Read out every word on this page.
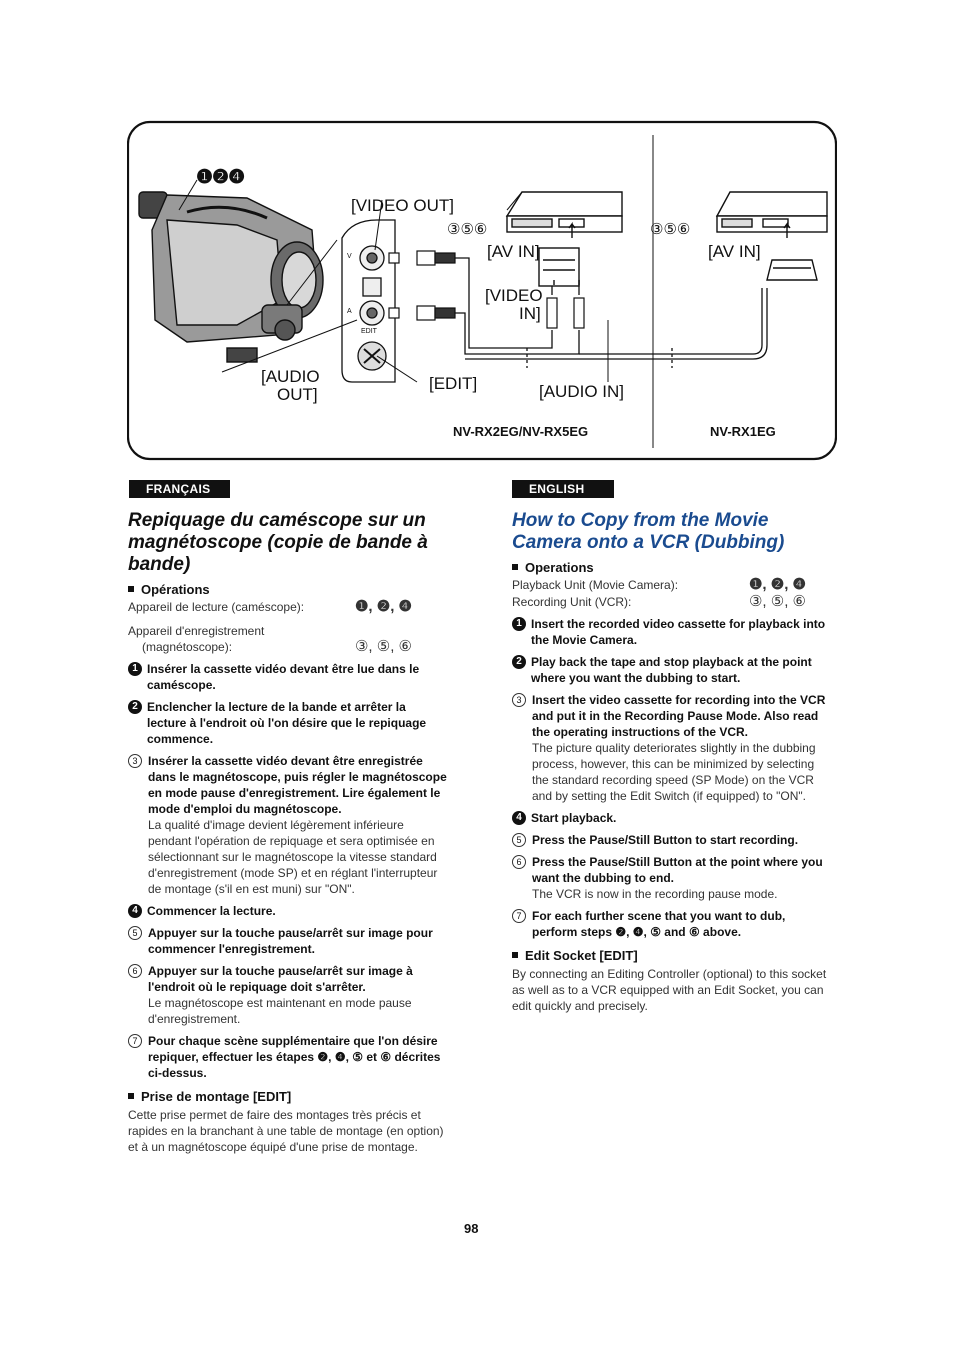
❶❷❹
[VIDEO OUT]
③⑤⑥	③⑤⑥
[AV IN]	[AV IN]
[VIDEO
IN]
[AUDIO
OUT]
[EDIT]	[AUDIO IN]
EDIT
V
A
NV-RX2EG/NV-RX5EG	NV-RX1EG
FRANÇAIS
Repiquage du caméscope sur un magnétoscope (copie de bande à bande)
Opérations
Appareil de lecture (caméscope):	❶, ❷, ❹
Appareil d'enregistrement
(magnétoscope):	③, ⑤, ⑥
1 Insérer la cassette vidéo devant être lue dans le caméscope.
2 Enclencher la lecture de la bande et arrêter la lecture à l'endroit où l'on désire que le repiquage commence.
3 Insérer la cassette vidéo devant être enregistrée dans le magnétoscope, puis régler le magnétoscope en mode pause d'enregistrement. Lire également le mode d'emploi du magnétoscope.
La qualité d'image devient légèrement inférieure pendant l'opération de repiquage et sera optimisée en sélectionnant sur le magnétoscope la vitesse standard d'enregistrement (mode SP) et en réglant l'interrupteur de montage (s'il en est muni) sur "ON".
4 Commencer la lecture.
5 Appuyer sur la touche pause/arrêt sur image pour commencer l'enregistrement.
6 Appuyer sur la touche pause/arrêt sur image à l'endroit où le repiquage doit s'arrêter.
Le magnétoscope est maintenant en mode pause d'enregistrement.
7 Pour chaque scène supplémentaire que l'on désire repiquer, effectuer les étapes ❷, ❹, ⑤ et ⑥ décrites ci-dessus.
Prise de montage [EDIT]
Cette prise permet de faire des montages très précis et rapides en la branchant à une table de montage (en option) et à un magnétoscope équipé d'une prise de montage.
ENGLISH
How to Copy from the Movie Camera onto a VCR (Dubbing)
Operations
Playback Unit (Movie Camera):	❶, ❷, ❹
Recording Unit (VCR):	③, ⑤, ⑥
1 Insert the recorded video cassette for playback into the Movie Camera.
2 Play back the tape and stop playback at the point where you want the dubbing to start.
3 Insert the video cassette for recording into the VCR and put it in the Recording Pause Mode. Also read the operating instructions of the VCR.
The picture quality deteriorates slightly in the dubbing process, however, this can be minimized by selecting the standard recording speed (SP Mode) on the VCR and by setting the Edit Switch (if equipped) to "ON".
4 Start playback.
5 Press the Pause/Still Button to start recording.
6 Press the Pause/Still Button at the point where you want the dubbing to end.
The VCR is now in the recording pause mode.
7 For each further scene that you want to dub, perform steps ❷, ❹, ⑤ and ⑥ above.
Edit Socket [EDIT]
By connecting an Editing Controller (optional) to this socket as well as to a VCR equipped with an Edit Socket, you can edit quickly and precisely.
98
